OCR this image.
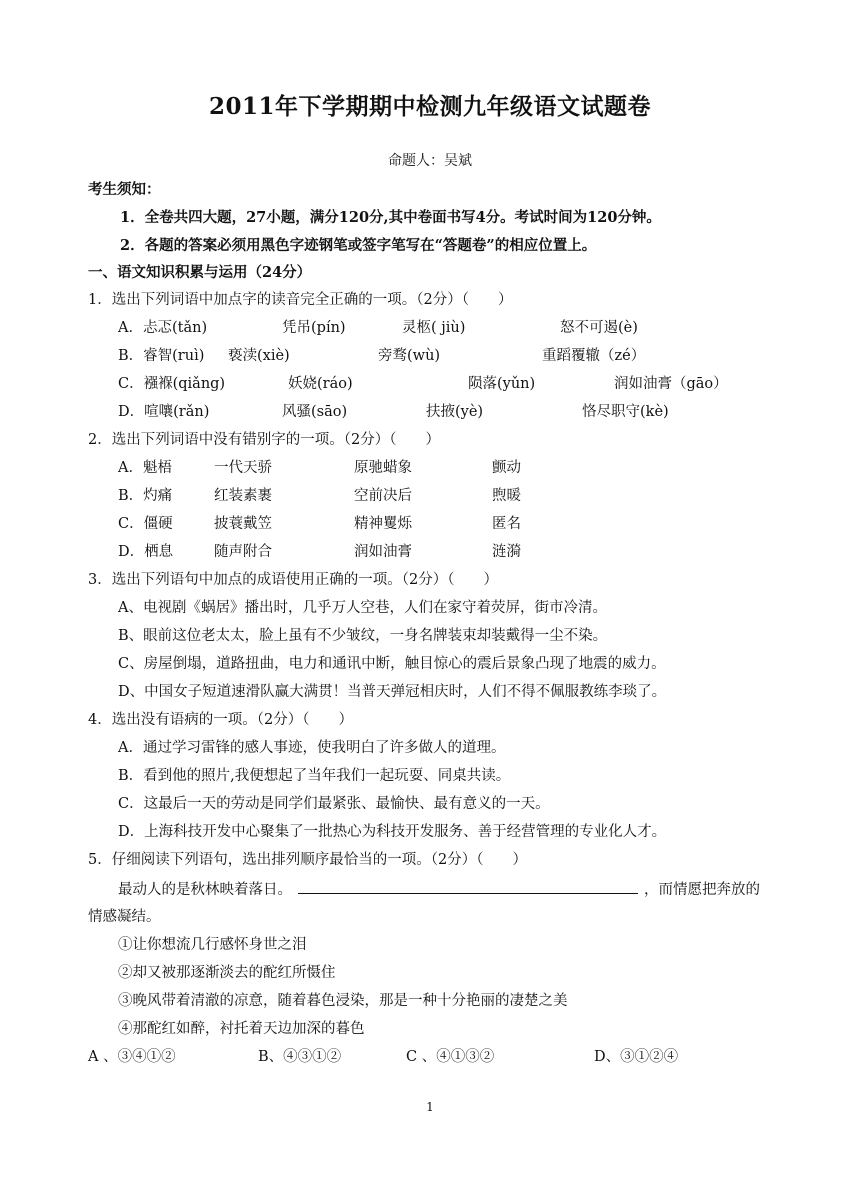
2011年下学期期中检测九年级语文试题卷
命题人：吴斌
考生须知：
1．全卷共四大题，27小题，满分120分,其中卷面书写4分。考试时间为120分钟。
2．各题的答案必须用黑色字迹钢笔或签字笔写在“答题卷”的相应位置上。
一、语文知识积累与运用（24分）
1．选出下列词语中加点字的读音完全正确的一项。（2分）（　　）
A．忐忑(tǎn)	凭吊(pín)	灵柩( jiù)	怒不可遏(è)
B．睿智(ruì) 亵渎(xiè)	旁骛(wù)	重蹈覆辙（zé）
C．襁褓(qiǎng)	妖娆(ráo)	陨落(yǔn)	润如油膏（gāo）
D．喧嚷(rǎn)	风骚(sāo)	扶掖(yè)	恪尽职守(kè)
2．选出下列词语中没有错别字的一项。（2分）（　　）
A．魁梧	一代天骄	原驰蜡象	颤动
B．灼痛	红装素裹	空前决后	煦暖
C．僵硬	披蓑戴笠	精神矍烁	匿名
D．栖息	随声附合	润如油膏	涟漪
3．选出下列语句中加点的成语使用正确的一项。（2分）（　　）
A、电视剧《蜗居》播出时，几乎万人空巷，人们在家守着荧屏，街市冷清。
B、眼前这位老太太，脸上虽有不少皱纹，一身名牌装束却装戴得一尘不染。
C、房屋倒塌，道路扭曲，电力和通讯中断，触目惊心的震后景象凸现了地震的威力。
D、中国女子短道速滑队赢大满贯！当普天弹冠相庆时，人们不得不佩服教练李琰了。
4．选出没有语病的一项。（2分）（　　）
A．通过学习雷锋的感人事迹，使我明白了许多做人的道理。
B．看到他的照片,我便想起了当年我们一起玩耍、同桌共读。
C．这最后一天的劳动是同学们最紧张、最愉快、最有意义的一天。
D．上海科技开发中心聚集了一批热心为科技开发服务、善于经营管理的专业化人才。
5．仔细阅读下列语句，选出排列顺序最恰当的一项。（2分）（　　）
最动人的是秋林映着落日。	，而情愿把奔放的
情感凝结。
①让你想流几行感怀身世之泪
②却又被那逐渐淡去的酡红所慑住
③晚风带着清澈的凉意，随着暮色浸染，那是一种十分艳丽的凄楚之美
④那酡红如醉，衬托着天边加深的暮色
A 、③④①②	B、④③①②	C 、④①③②	D、③①②④
1
